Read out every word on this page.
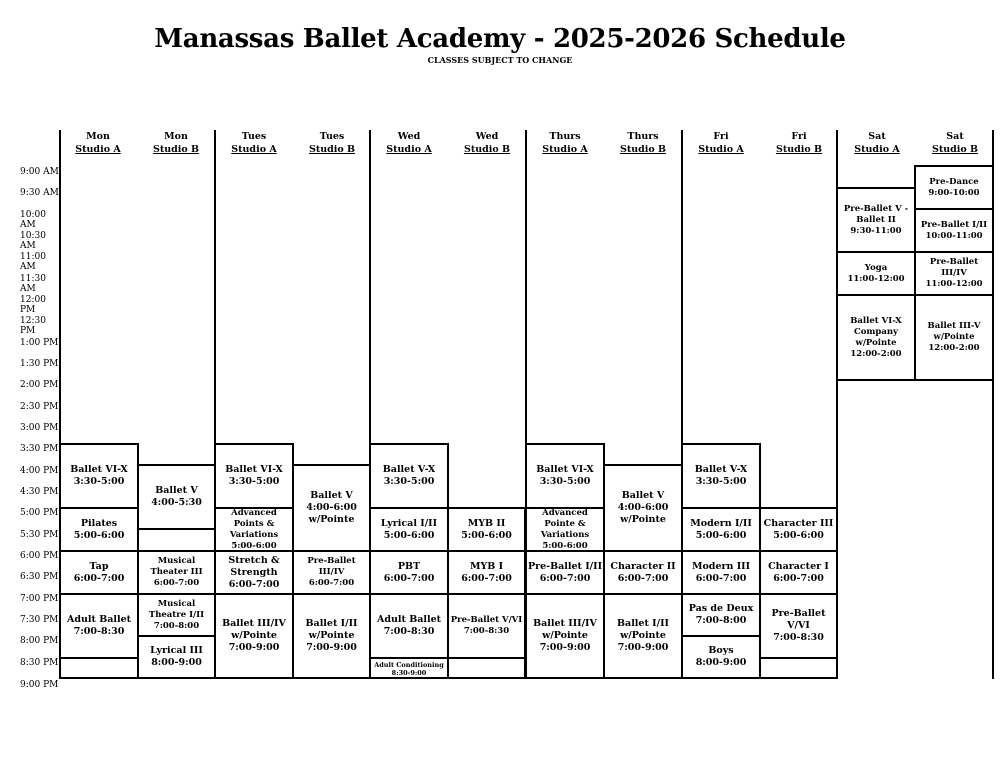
Manassas Ballet Academy - 2025-2026 Schedule
CLASSES SUBJECT TO CHANGE
Mon
Studio A
Mon
Studio B
Tues
Studio A
Tues
Studio B
Wed
Studio A
Wed
Studio B
Thurs
Studio A
Thurs
Studio B
Fri
Studio A
Fri
Studio B
Sat
Studio A
Sat
Studio B
9:00 AM
9:30 AM
10:00 AM
10:30 AM
11:00 AM
11:30 AM
12:00 PM
12:30 PM
1:00 PM
1:30 PM
2:00 PM
2:30 PM
3:00 PM
3:30 PM
4:00 PM
4:30 PM
5:00 PM
5:30 PM
6:00 PM
6:30 PM
7:00 PM
7:30 PM
8:00 PM
8:30 PM
9:00 PM
Ballet VI-X
3:30-5:00
Pilates
5:00-6:00
Tap
6:00-7:00
Adult Ballet
7:00-8:30
Ballet V
4:00-5:30
Musical Theater III
6:00-7:00
Musical Theatre I/II
7:00-8:00
Lyrical III
8:00-9:00
Ballet VI-X
3:30-5:00
Advanced Points & Variations
5:00-6:00
Stretch & Strength
6:00-7:00
Ballet III/IV w/Pointe
7:00-9:00
Ballet V
4:00-6:00
w/Pointe
Pre-Ballet III/IV
6:00-7:00
Ballet I/II w/Pointe
7:00-9:00
Ballet V-X
3:30-5:00
Lyrical I/II
5:00-6:00
PBT
6:00-7:00
Adult Ballet
7:00-8:30
Adult Conditioning
8:30-9:00
MYB II
5:00-6:00
MYB I
6:00-7:00
Pre-Ballet V/VI
7:00-8:30
Ballet VI-X
3:30-5:00
Advanced Pointe & Variations
5:00-6:00
Pre-Ballet I/II
6:00-7:00
Ballet III/IV w/Pointe
7:00-9:00
Ballet V
4:00-6:00
w/Pointe
Character II
6:00-7:00
Ballet I/II w/Pointe
7:00-9:00
Ballet V-X
3:30-5:00
Modern I/II
5:00-6:00
Modern III
6:00-7:00
Pas de Deux
7:00-8:00
Boys
8:00-9:00
Character III
5:00-6:00
Character I
6:00-7:00
Pre-Ballet V/VI
7:00-8:30
Pre-Ballet V - Ballet II
9:30-11:00
Yoga
11:00-12:00
Ballet VI-X Company w/Pointe
12:00-2:00
Pre-Dance
9:00-10:00
Pre-Ballet I/II
10:00-11:00
Pre-Ballet III/IV
11:00-12:00
Ballet III-V w/Pointe
12:00-2:00
